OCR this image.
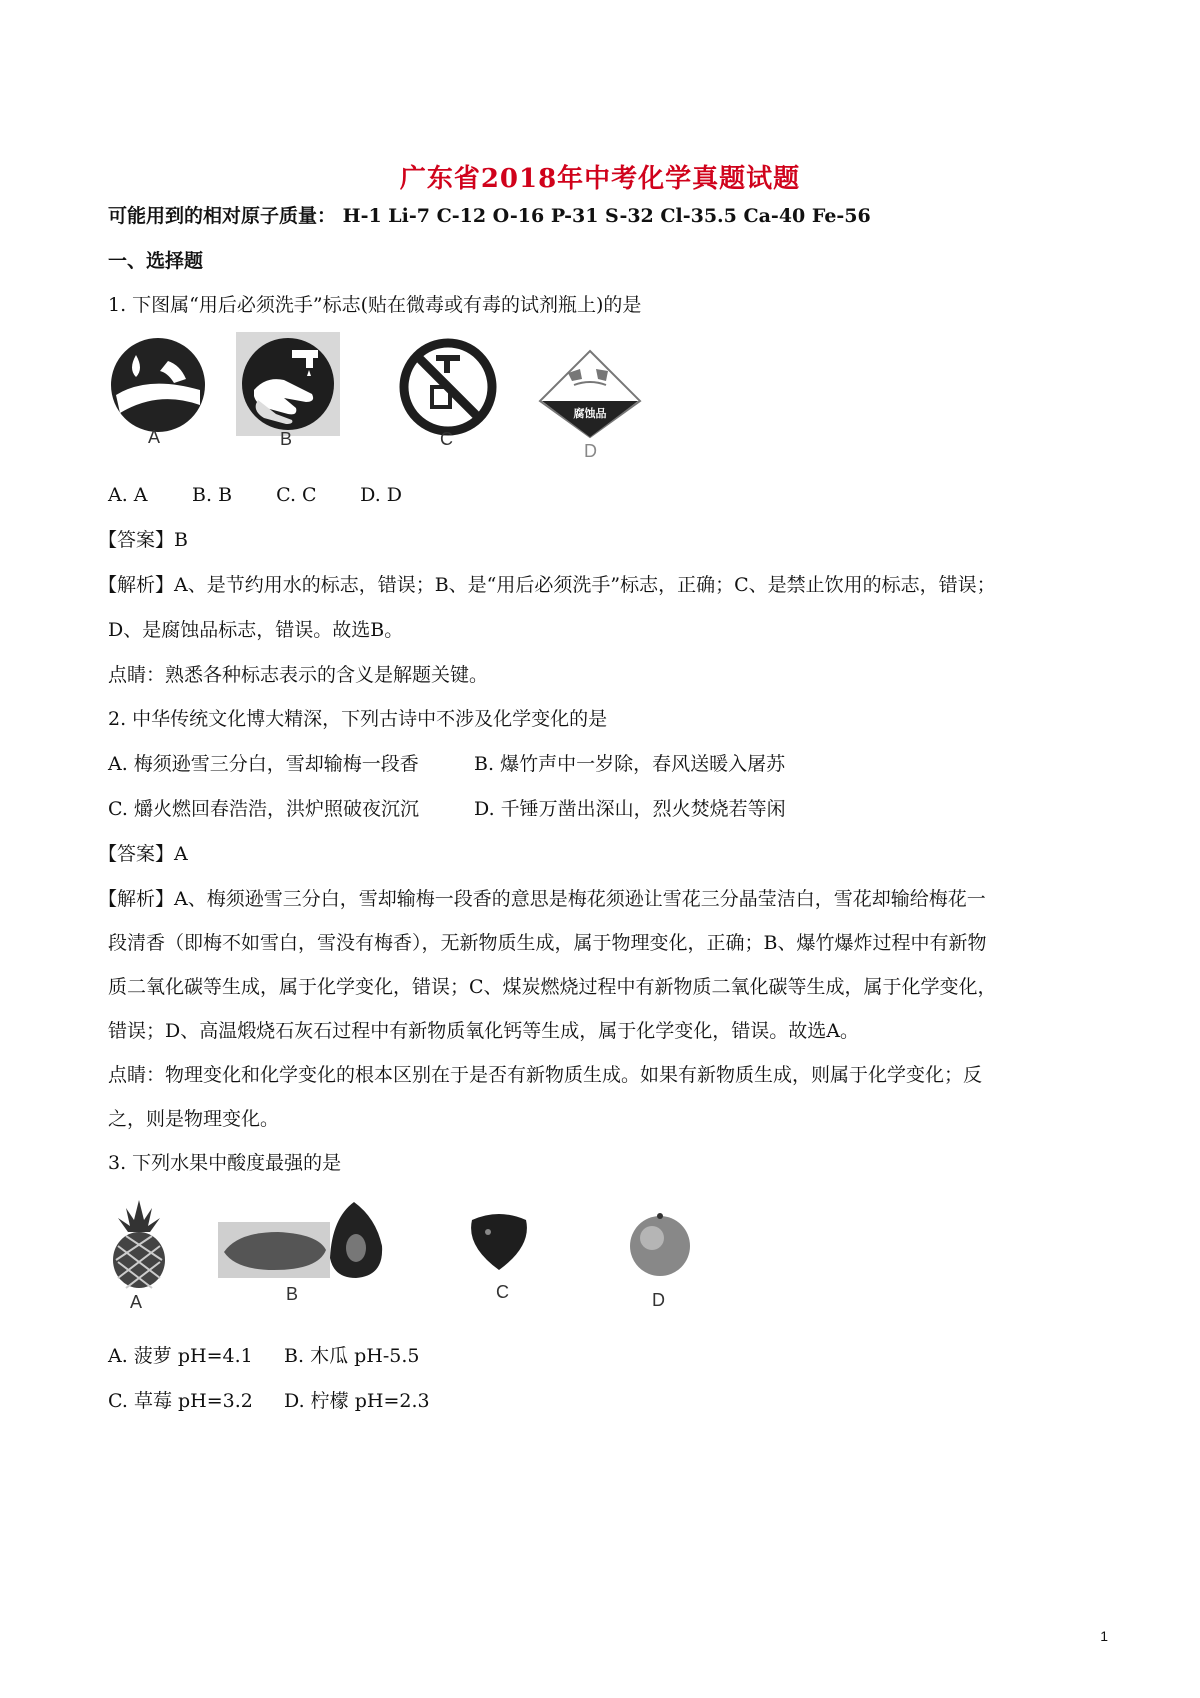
广东省2018年中考化学真题试题
可能用到的相对原子质量： H-1 Li-7 C-12 O-16 P-31 S-32 Cl-35.5 Ca-40 Fe-56
一、选择题
1. 下图属“用后必须洗手”标志(贴在微毒或有毒的试剂瓶上)的是
A	B	C
腐蚀品
D
A. A B. B C. C D. D
【答案】B
【解析】A、是节约用水的标志，错误；B、是“用后必须洗手”标志，正确；C、是禁止饮用的标志，错误；
D、是腐蚀品标志，错误。故选B。
点睛：熟悉各种标志表示的含义是解题关键。
2. 中华传统文化博大精深，下列古诗中不涉及化学变化的是
A. 梅须逊雪三分白，雪却输梅一段香	B. 爆竹声中一岁除，春风送暖入屠苏
C. 爝火燃回春浩浩，洪炉照破夜沉沉	D. 千锤万凿出深山，烈火焚烧若等闲
【答案】A
【解析】A、梅须逊雪三分白，雪却输梅一段香的意思是梅花须逊让雪花三分晶莹洁白，雪花却输给梅花一
段清香（即梅不如雪白，雪没有梅香），无新物质生成，属于物理变化，正确；B、爆竹爆炸过程中有新物
质二氧化碳等生成，属于化学变化，错误；C、煤炭燃烧过程中有新物质二氧化碳等生成，属于化学变化，
错误；D、高温煅烧石灰石过程中有新物质氧化钙等生成，属于化学变化，错误。故选A。
点睛：物理变化和化学变化的根本区别在于是否有新物质生成。如果有新物质生成，则属于化学变化；反
之，则是物理变化。
3. 下列水果中酸度最强的是
A	B	C	D
A. 菠萝 pH=4.1 B. 木瓜 pH-5.5
C. 草莓 pH=3.2 D. 柠檬 pH=2.3
1
